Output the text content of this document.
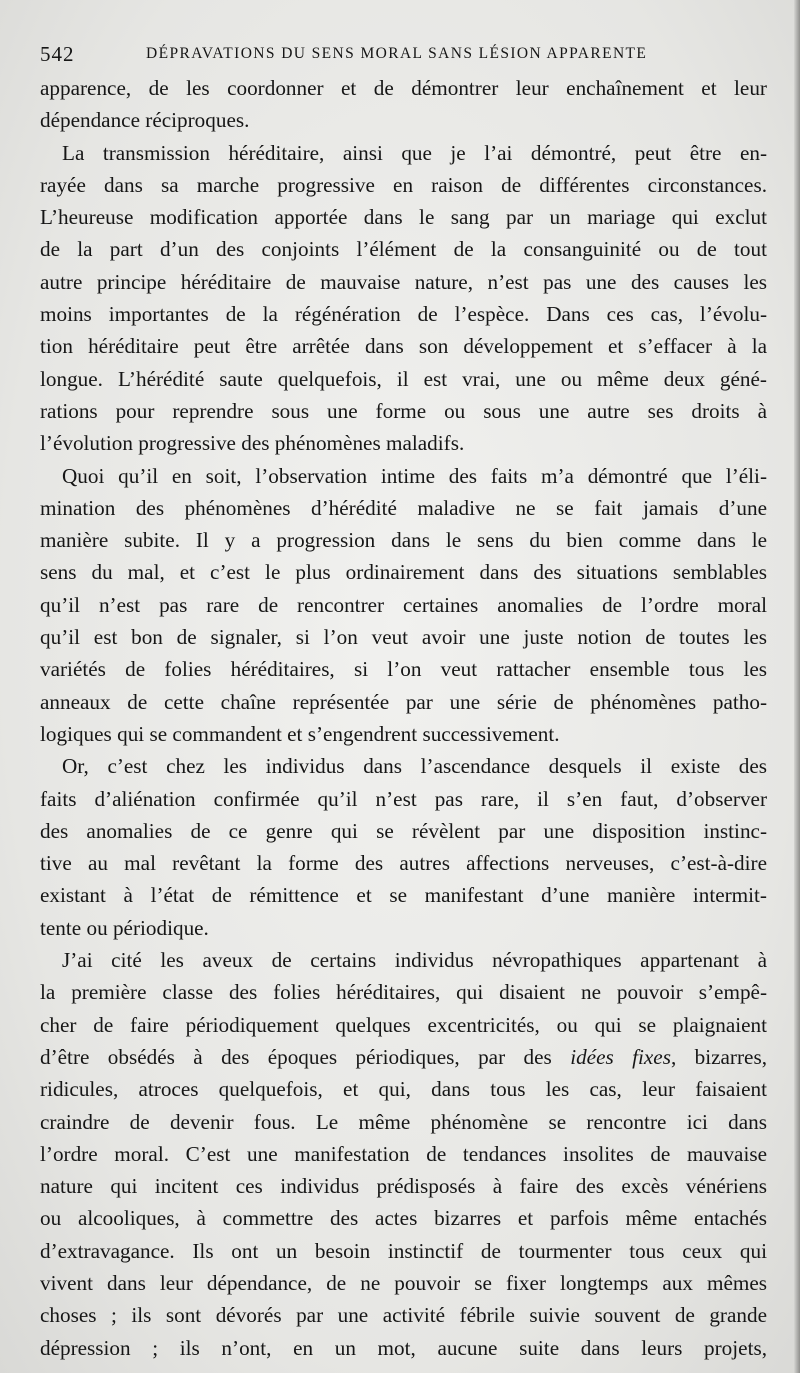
542	DÉPRAVATIONS DU SENS MORAL SANS LÉSION APPARENTE
apparence, de les coordonner et de démontrer leur enchaînement et leur
dépendance réciproques.
La transmission héréditaire, ainsi que je l’ai démontré, peut être en-
rayée dans sa marche progressive en raison de différentes circonstances.
L’heureuse modification apportée dans le sang par un mariage qui exclut
de la part d’un des conjoints l’élément de la consanguinité ou de tout
autre principe héréditaire de mauvaise nature, n’est pas une des causes les
moins importantes de la régénération de l’espèce. Dans ces cas, l’évolu-
tion héréditaire peut être arrêtée dans son développement et s’effacer à la
longue. L’hérédité saute quelquefois, il est vrai, une ou même deux géné-
rations pour reprendre sous une forme ou sous une autre ses droits à
l’évolution progressive des phénomènes maladifs.
Quoi qu’il en soit, l’observation intime des faits m’a démontré que l’éli-
mination des phénomènes d’hérédité maladive ne se fait jamais d’une
manière subite. Il y a progression dans le sens du bien comme dans le
sens du mal, et c’est le plus ordinairement dans des situations semblables
qu’il n’est pas rare de rencontrer certaines anomalies de l’ordre moral
qu’il est bon de signaler, si l’on veut avoir une juste notion de toutes les
variétés de folies héréditaires, si l’on veut rattacher ensemble tous les
anneaux de cette chaîne représentée par une série de phénomènes patho-
logiques qui se commandent et s’engendrent successivement.
Or, c’est chez les individus dans l’ascendance desquels il existe des
faits d’aliénation confirmée qu’il n’est pas rare, il s’en faut, d’observer
des anomalies de ce genre qui se révèlent par une disposition instinc-
tive au mal revêtant la forme des autres affections nerveuses, c’est-à-dire
existant à l’état de rémittence et se manifestant d’une manière intermit-
tente ou périodique.
J’ai cité les aveux de certains individus névropathiques appartenant à
la première classe des folies héréditaires, qui disaient ne pouvoir s’empê-
cher de faire périodiquement quelques excentricités, ou qui se plaignaient
d’être obsédés à des époques périodiques, par des idées fixes, bizarres,
ridicules, atroces quelquefois, et qui, dans tous les cas, leur faisaient
craindre de devenir fous. Le même phénomène se rencontre ici dans
l’ordre moral. C’est une manifestation de tendances insolites de mauvaise
nature qui incitent ces individus prédisposés à faire des excès vénériens
ou alcooliques, à commettre des actes bizarres et parfois même entachés
d’extravagance. Ils ont un besoin instinctif de tourmenter tous ceux qui
vivent dans leur dépendance, de ne pouvoir se fixer longtemps aux mêmes
choses ; ils sont dévorés par une activité fébrile suivie souvent de grande
dépression ; ils n’ont, en un mot, aucune suite dans leurs projets,
